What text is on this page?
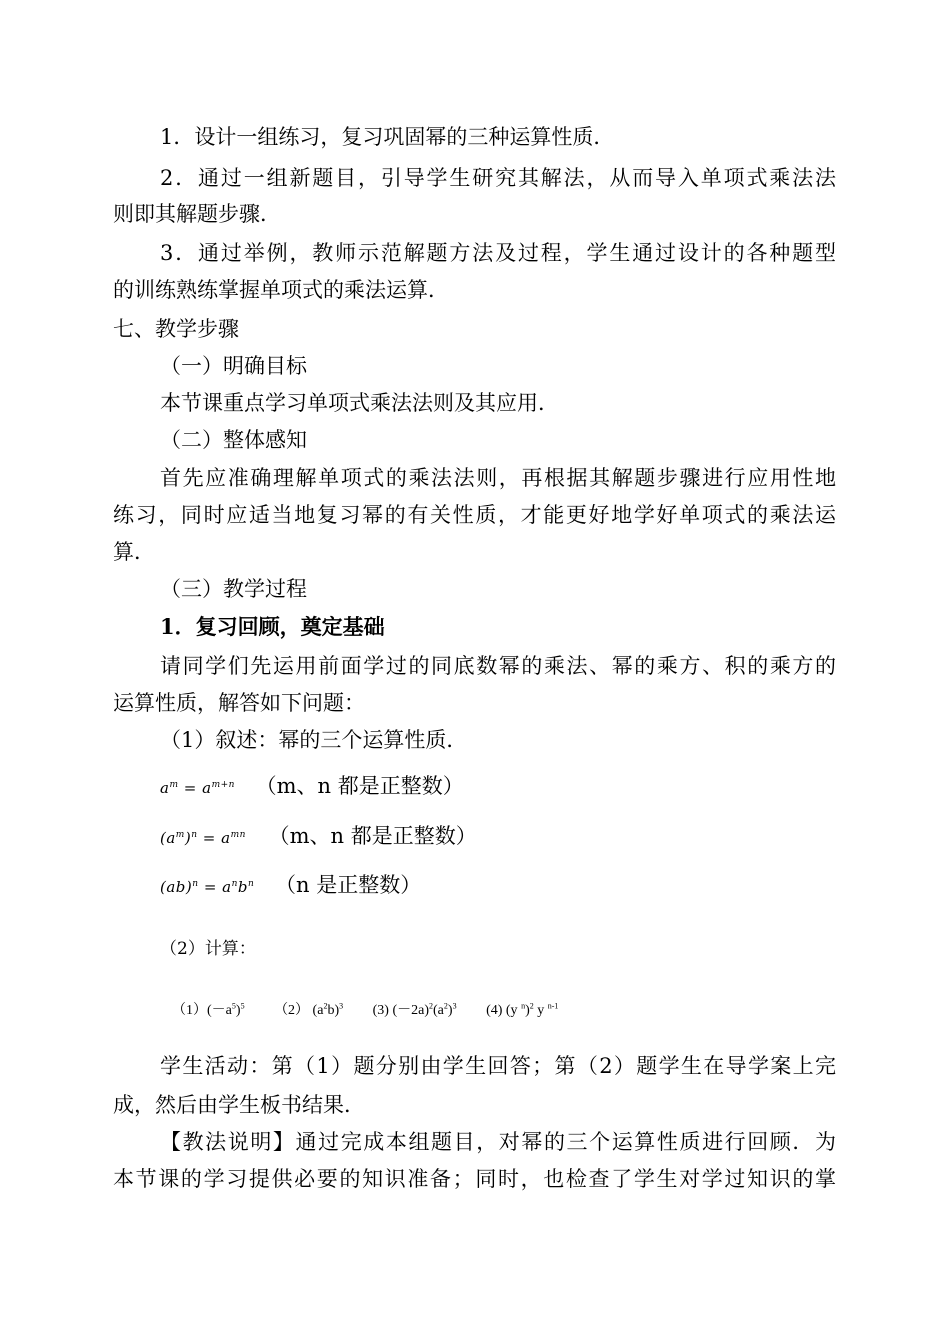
1．设计一组练习，复习巩固幂的三种运算性质．
2．通过一组新题目，引导学生研究其解法，从而导入单项式乘法法
则即其解题步骤．
3．通过举例，教师示范解题方法及过程，学生通过设计的各种题型
的训练熟练掌握单项式的乘法运算．
七、教学步骤
（一）明确目标
本节课重点学习单项式乘法法则及其应用．
（二）整体感知
首先应准确理解单项式的乘法法则，再根据其解题步骤进行应用性地
练习，同时应适当地复习幂的有关性质，才能更好地学好单项式的乘法运
算．
（三）教学过程
1．复习回顾，奠定基础
请同学们先运用前面学过的同底数幂的乘法、幂的乘方、积的乘方的
运算性质，解答如下问题：
（1）叙述：幂的三个运算性质．
$a^m = a^{m+n}$ （m、n 都是正整数）
$(a^m)^n = a^{mn}$ （m、n 都是正整数）
$(ab)^n = a^nb^n$ （n 是正整数）
（2）计算：
$(1)(-a^5)^5$ （2） $(a^2b)^3$ (3) $(-2a)^2(a^2)^3$ (4) (y $^n$)$^2$ y $^{n-1}$
学生活动：第（1）题分别由学生回答；第（2）题学生在导学案上完
成，然后由学生板书结果．
【教法说明】通过完成本组题目，对幂的三个运算性质进行回顾．为
本节课的学习提供必要的知识准备；同时，也检查了学生对学过知识的掌
